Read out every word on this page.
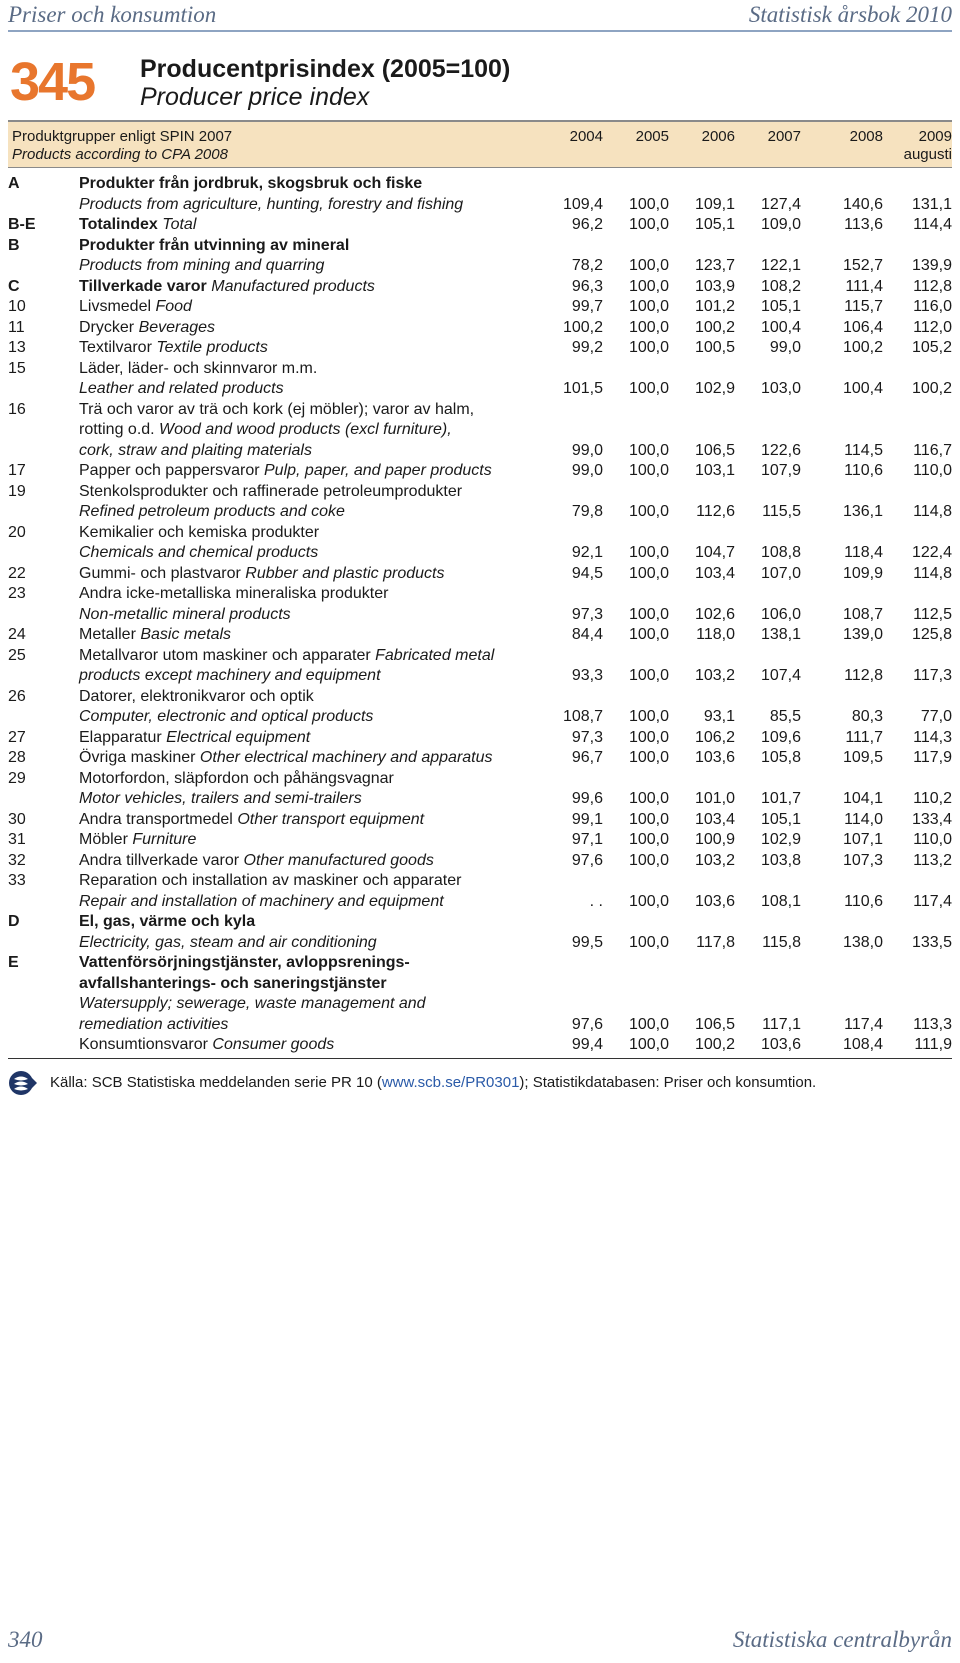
Priser och konsumtion	Statistisk årsbok 2010
345 Producentprisindex (2005=100)
Producer price index
Produktgrupper enligt SPIN 2007
Products according to CPA 2008
2004	2005	2006	2007	2008	2009
augusti
A	Produkter från jordbruk, skogsbruk och fiske
Products from agriculture, hunting, forestry and fishing	109,4	100,0	109,1	127,4	140,6	131,1
B-E	Totalindex Total	96,2	100,0	105,1	109,0	113,6	114,4
B	Produkter från utvinning av mineral
Products from mining and quarring	78,2	100,0	123,7	122,1	152,7	139,9
C	Tillverkade varor Manufactured products	96,3	100,0	103,9	108,2	111,4	112,8
10	Livsmedel Food	99,7	100,0	101,2	105,1	115,7	116,0
11	Drycker Beverages	100,2	100,0	100,2	100,4	106,4	112,0
13	Textilvaror Textile products	99,2	100,0	100,5	99,0	100,2	105,2
15	Läder, läder- och skinnvaror m.m.
Leather and related products	101,5	100,0	102,9	103,0	100,4	100,2
16	Trä och varor av trä och kork (ej möbler); varor av halm,
rotting o.d. Wood and wood products (excl furniture),
cork, straw and plaiting materials	99,0	100,0	106,5	122,6	114,5	116,7
17	Papper och pappersvaror Pulp, paper, and paper products	99,0	100,0	103,1	107,9	110,6	110,0
19	Stenkolsprodukter och raffinerade petroleumprodukter
Refined petroleum products and coke	79,8	100,0	112,6	115,5	136,1	114,8
20	Kemikalier och kemiska produkter
Chemicals and chemical products	92,1	100,0	104,7	108,8	118,4	122,4
22	Gummi- och plastvaror Rubber and plastic products	94,5	100,0	103,4	107,0	109,9	114,8
23	Andra icke-metalliska mineraliska produkter
Non-metallic mineral products	97,3	100,0	102,6	106,0	108,7	112,5
24	Metaller Basic metals	84,4	100,0	118,0	138,1	139,0	125,8
25	Metallvaror utom maskiner och apparater Fabricated metal
products except machinery and equipment	93,3	100,0	103,2	107,4	112,8	117,3
26	Datorer, elektronikvaror och optik
Computer, electronic and optical products	108,7	100,0	93,1	85,5	80,3	77,0
27	Elapparatur Electrical equipment	97,3	100,0	106,2	109,6	111,7	114,3
28	Övriga maskiner Other electrical machinery and apparatus	96,7	100,0	103,6	105,8	109,5	117,9
29	Motorfordon, släpfordon och påhängsvagnar
Motor vehicles, trailers and semi-trailers	99,6	100,0	101,0	101,7	104,1	110,2
30	Andra transportmedel Other transport equipment	99,1	100,0	103,4	105,1	114,0	133,4
31	Möbler Furniture	97,1	100,0	100,9	102,9	107,1	110,0
32	Andra tillverkade varor Other manufactured goods	97,6	100,0	103,2	103,8	107,3	113,2
33	Reparation och installation av maskiner och apparater
Repair and installation of machinery and equipment	. .	100,0	103,6	108,1	110,6	117,4
D	El, gas, värme och kyla
Electricity, gas, steam and air conditioning	99,5	100,0	117,8	115,8	138,0	133,5
E	Vattenförsörjningstjänster, avloppsrenings-
avfallshanterings- och saneringstjänster
Watersupply; sewerage, waste management and
remediation activities	97,6	100,0	106,5	117,1	117,4	113,3
Konsumtionsvaror Consumer goods	99,4	100,0	100,2	103,6	108,4	111,9
Källa: SCB Statistiska meddelanden serie PR 10 (www.scb.se/PR0301); Statistikdatabasen: Priser och konsumtion.
340	Statistiska centralbyrån
